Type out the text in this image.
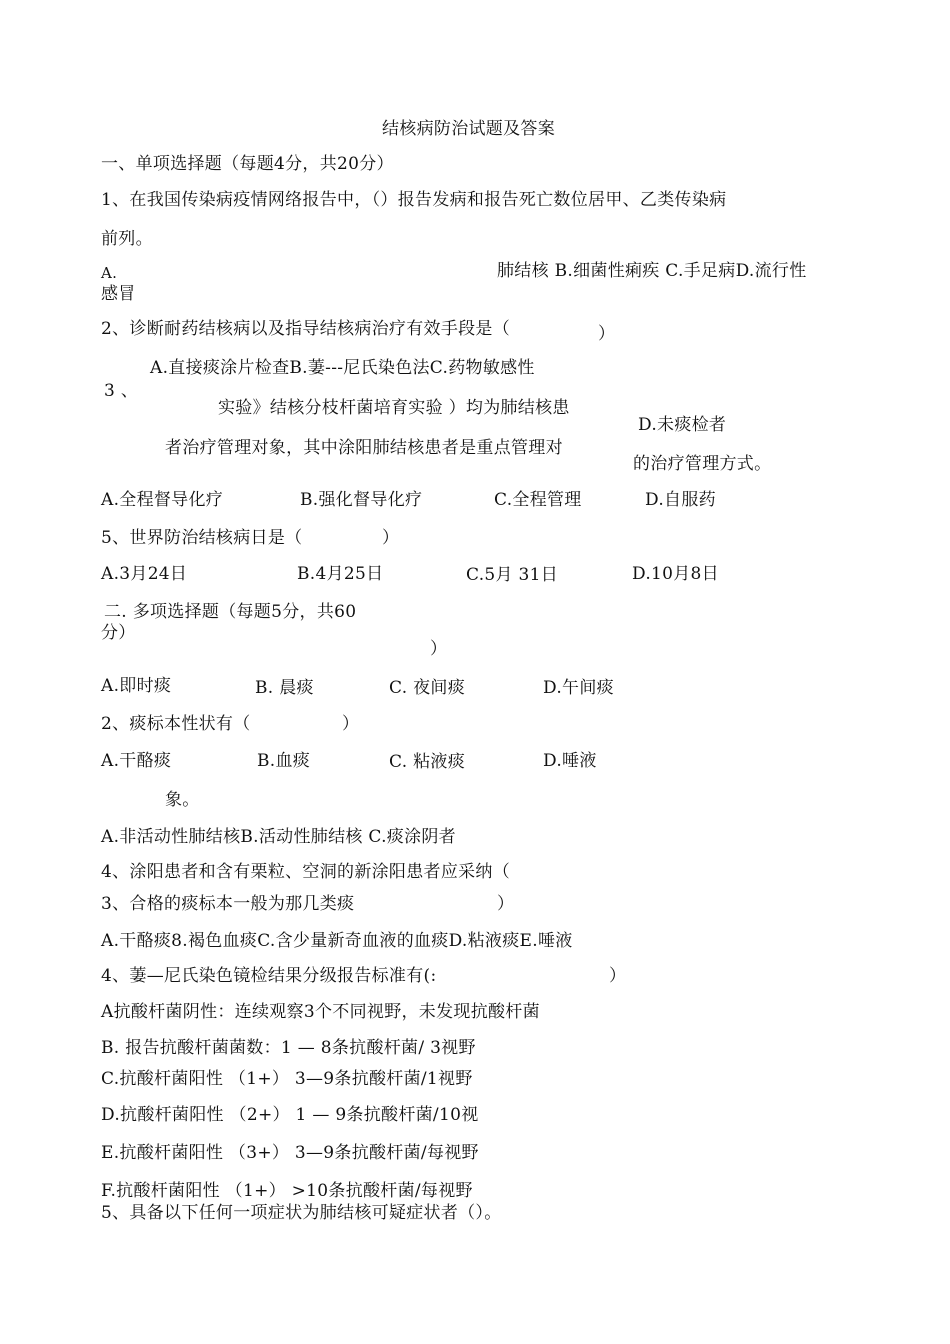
结核病防治试题及答案
一、单项选择题（每题4分，共20分）
1、在我国传染病疫情网络报告中，（）报告发病和报告死亡数位居甲、乙类传染病
前列。
A.	肺结核 B.细菌性痢疾 C.手足病D.流行性
感冒
2、诊断耐药结核病以及指导结核病治疗有效手段是（	）
A.直接痰涂片检查B.萋---尼氏染色法C.药物敏感性
3 、
实验》结核分枝杆菌培育实验 ）均为肺结核患
D.未痰检者
者治疗管理对象，其中涂阳肺结核患者是重点管理对
的治疗管理方式。
A.全程督导化疗	B.强化督导化疗	C.全程管理	D.自服药
5、世界防治结核病日是（	）
A.3月24日	B.4月25日	C.5月 31日	D.10月8日
二. 多项选择题（每题5分，共60
分）
）
A.即时痰	B. 晨痰	C. 夜间痰	D.午间痰
2、痰标本性状有（	）
A.干酪痰	B.血痰	C. 粘液痰	D.唾液
象。
A.非活动性肺结核B.活动性肺结核 C.痰涂阴者
4、涂阳患者和含有栗粒、空洞的新涂阳患者应采纳（
3、合格的痰标本一般为那几类痰	）
A.干酪痰8.褐色血痰C.含少量新奇血液的血痰D.粘液痰E.唾液
4、萋—尼氏染色镜检结果分级报告标准有(:	）
A抗酸杆菌阴性：连续观察3个不同视野，未发现抗酸杆菌
B. 报告抗酸杆菌菌数：1 — 8条抗酸杆菌/ 3视野
C.抗酸杆菌阳性 （1+） 3—9条抗酸杆菌/1视野
D.抗酸杆菌阳性 （2+） 1 — 9条抗酸杆菌/10视
E.抗酸杆菌阳性 （3+） 3—9条抗酸杆菌/每视野
F.抗酸杆菌阳性 （1+） >10条抗酸杆菌/每视野
5、具备以下任何一项症状为肺结核可疑症状者（）。
